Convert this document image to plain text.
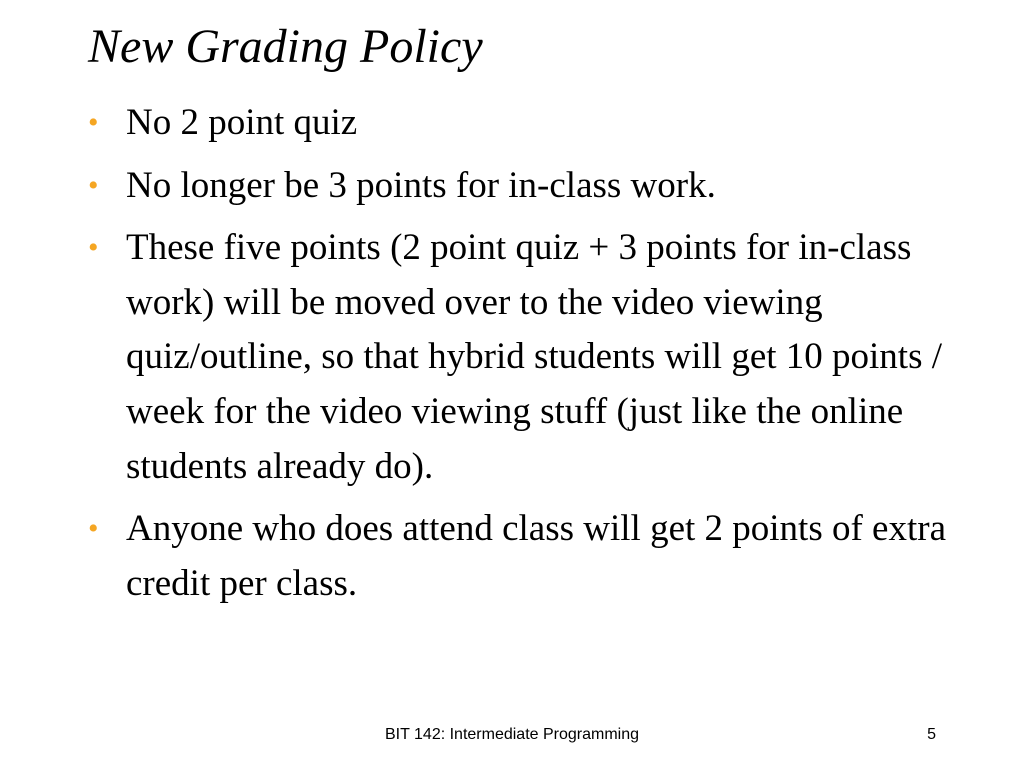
New Grading Policy
• No 2 point quiz
• No longer be 3 points for in-class work.
• These five points (2 point quiz + 3 points for in-class work) will be moved over to the video viewing quiz/outline, so that hybrid students will get 10 points / week for the video viewing stuff (just like the online students already do).
• Anyone who does attend class will get 2 points of extra credit per class.
BIT 142: Intermediate Programming	5
